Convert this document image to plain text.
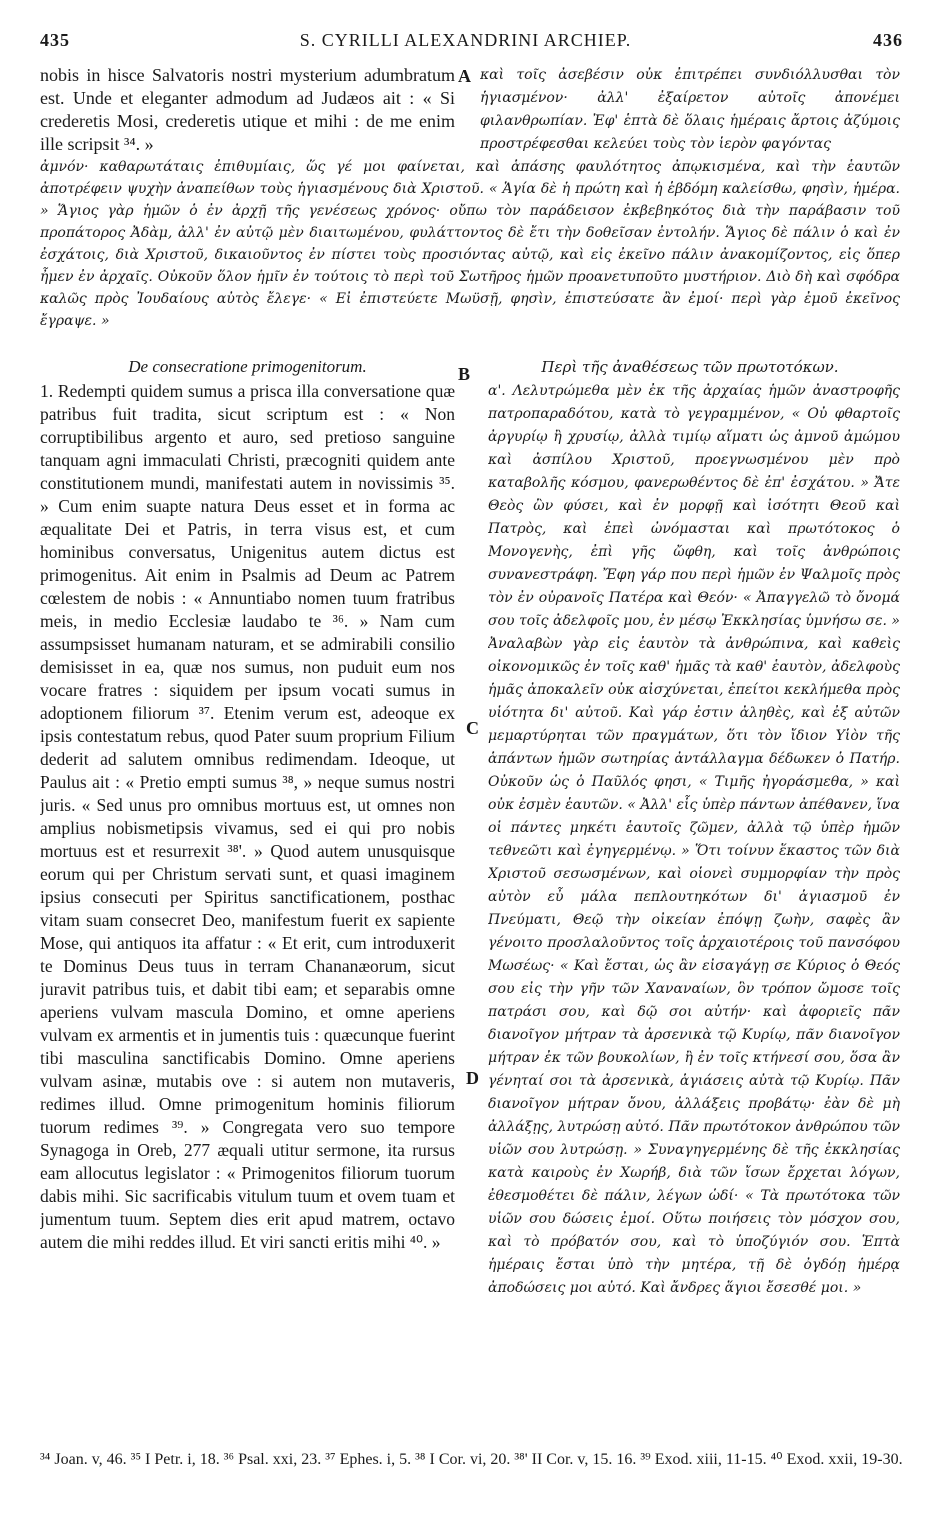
435	S. CYRILLI ALEXANDRINI ARCHIEP.	436

nobis in hisce Salvatoris nostri mysterium adumbratum est. Unde et eleganter admodum ad Judæos ait : « Si crederetis Mosi, crederetis utique et mihi : de me enim ille scripsit ³⁴. »

A καὶ τοῖς ἀσεβέσιν οὐκ ἐπιτρέπει συνδιόλλυσθαι τὸν ἡγιασμένον· ἀλλ' ἐξαίρετον αὐτοῖς ἀπονέμει φιλανθρωπίαν. Ἐφ' ἑπτὰ δὲ ὅλαις ἡμέραις ἄρτοις ἀζύμοις προστρέφεσθαι κελεύει τοὺς τὸν ἱερὸν φαγόντας

ἀμνόν· καθαρωτάταις ἐπιθυμίαις, ὥς γέ μοι φαίνεται, καὶ ἁπάσης φαυλότητος ἀπῳκισμένα, καὶ τὴν ἑαυτῶν ἀποτρέφειν ψυχὴν ἀναπείθων τοὺς ἡγιασμένους διὰ Χριστοῦ. « Ἁγία δὲ ἡ πρώτη καὶ ἡ ἑβδόμη καλείσθω, φησὶν, ἡμέρα. » Ἅγιος γὰρ ἡμῶν ὁ ἐν ἀρχῇ τῆς γενέσεως χρόνος· οὔπω τὸν παράδεισον ἐκβεβηκότος διὰ τὴν παράβασιν τοῦ προπάτορος Ἀδὰμ, ἀλλ' ἐν αὐτῷ μὲν διαιτωμένου, φυλάττοντος δὲ ἔτι τὴν δοθεῖσαν ἐντολήν. Ἅγιος δὲ πάλιν ὁ καὶ ἐν ἐσχάτοις, διὰ Χριστοῦ, δικαιοῦντος ἐν πίστει τοὺς προσιόντας αὐτῷ, καὶ εἰς ἐκεῖνο πάλιν ἀνακομίζοντος, εἰς ὅπερ ἦμεν ἐν ἀρχαῖς. Οὐκοῦν ὅλον ἡμῖν ἐν τούτοις τὸ περὶ τοῦ Σωτῆρος ἡμῶν προανετυποῦτο μυστήριον. Διὸ δὴ καὶ σφόδρα καλῶς πρὸς Ἰουδαίους αὐτὸς ἔλεγε· « Εἰ ἐπιστεύετε Μωϋσῇ, φησὶν, ἐπιστεύσατε ἂν ἐμοί· περὶ γὰρ ἐμοῦ ἐκεῖνος ἔγραψε. »

De consecratione primogenitorum.	B	Περὶ τῆς ἀναθέσεως τῶν πρωτοτόκων.

1. Redempti quidem sumus a prisca illa conversatione quæ patribus fuit tradita, sicut scriptum est : « Non corruptibilibus argento et auro, sed pretioso sanguine tanquam agni immaculati Christi, præcogniti quidem ante constitutionem mundi, manifestati autem in novissimis ³⁵. » Cum enim suapte natura Deus esset et in forma ac æqualitate Dei et Patris, in terra visus est, et cum hominibus conversatus, Unigenitus autem dictus est primogenitus. Ait enim in Psalmis ad Deum ac Patrem cœlestem de nobis : « Annuntiabo nomen tuum fratribus meis, in medio Ecclesiæ laudabo te ³⁶. » Nam cum assumpsisset humanam naturam, et se admirabili consilio demisisset in ea, quæ nos sumus, non puduit eum nos vocare fratres : siquidem per ipsum vocati sumus in adoptionem filiorum ³⁷. Etenim verum est, adeoque ex ipsis contestatum rebus, quod Pater suum proprium Filium dederit ad salutem omnibus redimendam. Ideoque, ut Paulus ait : « Pretio empti sumus ³⁸, » neque sumus nostri juris. « Sed unus pro omnibus mortuus est, ut omnes non amplius nobismetipsis vivamus, sed ei qui pro nobis mortuus est et resurrexit ³⁸'. » Quod autem unusquisque eorum qui per Christum servati sunt, et quasi imaginem ipsius consecuti per Spiritus sanctificationem, posthac vitam suam consecret Deo, manifestum fuerit ex sapiente Mose, qui antiquos ita affatur : « Et erit, cum introduxerit te Dominus Deus tuus in terram Chananæorum, sicut juravit patribus tuis, et dabit tibi eam; et separabis omne aperiens vulvam mascula Domino, et omne aperiens vulvam ex armentis et in jumentis tuis : quæcunque fuerint tibi masculina sanctificabis Domino. Omne aperiens vulvam asinæ, mutabis ove : si autem non mutaveris, redimes illud. Omne primogenitum hominis filiorum tuorum redimes ³⁹. » Congregata vero suo tempore Synagoga in Oreb, 277 æquali utitur sermone, ita rursus eam allocutus legislator : « Primogenitos filiorum tuorum dabis mihi. Sic sacrificabis vitulum tuum et ovem tuam et jumentum tuum. Septem dies erit apud matrem, octavo autem die mihi reddes illud. Et viri sancti eritis mihi ⁴⁰. »

C
D

α'. Λελυτρώμεθα μὲν ἐκ τῆς ἀρχαίας ἡμῶν ἀναστροφῆς πατροπαραδότου, κατὰ τὸ γεγραμμένον, « Οὐ φθαρτοῖς ἀργυρίῳ ἢ χρυσίῳ, ἀλλὰ τιμίῳ αἵματι ὡς ἀμνοῦ ἀμώμου καὶ ἀσπίλου Χριστοῦ, προεγνωσμένου μὲν πρὸ καταβολῆς κόσμου, φανερωθέντος δὲ ἐπ' ἐσχάτου. » Ἄτε Θεὸς ὢν φύσει, καὶ ἐν μορφῇ καὶ ἰσότητι Θεοῦ καὶ Πατρὸς, καὶ ἐπεὶ ὠνόμασται καὶ πρωτότοκος ὁ Μονογενὴς, ἐπὶ γῆς ὤφθη, καὶ τοῖς ἀνθρώποις συνανεστράφη. Ἔφη γάρ που περὶ ἡμῶν ἐν Ψαλμοῖς πρὸς τὸν ἐν οὐρανοῖς Πατέρα καὶ Θεόν· « Ἀπαγγελῶ τὸ ὄνομά σου τοῖς ἀδελφοῖς μου, ἐν μέσῳ Ἐκκλησίας ὑμνήσω σε. » Ἀναλαβὼν γὰρ εἰς ἑαυτὸν τὰ ἀνθρώπινα, καὶ καθεὶς οἰκονομικῶς ἐν τοῖς καθ' ἡμᾶς τὰ καθ' ἑαυτὸν, ἀδελφοὺς ἡμᾶς ἀποκαλεῖν οὐκ αἰσχύνεται, ἐπείτοι κεκλήμεθα πρὸς υἱότητα δι' αὐτοῦ. Καὶ γάρ ἐστιν ἀληθὲς, καὶ ἐξ αὐτῶν μεμαρτύρηται τῶν πραγμάτων, ὅτι τὸν ἴδιον Υἱὸν τῆς ἁπάντων ἡμῶν σωτηρίας ἀντάλλαγμα δέδωκεν ὁ Πατήρ. Οὐκοῦν ὡς ὁ Παῦλός φησι, « Τιμῆς ἠγοράσμεθα, » καὶ οὐκ ἐσμὲν ἑαυτῶν. « Ἀλλ' εἷς ὑπὲρ πάντων ἀπέθανεν, ἵνα οἱ πάντες μηκέτι ἑαυτοῖς ζῶμεν, ἀλλὰ τῷ ὑπὲρ ἡμῶν τεθνεῶτι καὶ ἐγηγερμένῳ. » Ὅτι τοίνυν ἕκαστος τῶν διὰ Χριστοῦ σεσωσμένων, καὶ οἱονεὶ συμμορφίαν τὴν πρὸς αὐτὸν εὖ μάλα πεπλουτηκότων δι' ἁγιασμοῦ ἐν Πνεύματι, Θεῷ τὴν οἰκείαν ἐπόψῃ ζωὴν, σαφὲς ἂν γένοιτο προσλαλοῦντος τοῖς ἀρχαιοτέροις τοῦ πανσόφου Μωσέως· « Καὶ ἔσται, ὡς ἂν εἰσαγάγῃ σε Κύριος ὁ Θεός σου εἰς τὴν γῆν τῶν Χαναναίων, ὃν τρόπον ὤμοσε τοῖς πατράσι σου, καὶ δῷ σοι αὐτήν· καὶ ἀφοριεῖς πᾶν διανοῖγον μήτραν τὰ ἀρσενικὰ τῷ Κυρίῳ, πᾶν διανοῖγον μήτραν ἐκ τῶν βουκολίων, ἢ ἐν τοῖς κτήνεσί σου, ὅσα ἂν γένηταί σοι τὰ ἀρσενικὰ, ἁγιάσεις αὐτὰ τῷ Κυρίῳ. Πᾶν διανοῖγον μήτραν ὄνου, ἀλλάξεις προβάτῳ· ἐὰν δὲ μὴ ἀλλάξῃς, λυτρώσῃ αὐτό. Πᾶν πρωτότοκον ἀνθρώπου τῶν υἱῶν σου λυτρώσῃ. » Συναγηγερμένης δὲ τῆς ἐκκλησίας κατὰ καιροὺς ἐν Χωρήβ, διὰ τῶν ἴσων ἔρχεται λόγων, ἐθεσμοθέτει δὲ πάλιν, λέγων ὡδί· « Τὰ πρωτότοκα τῶν υἱῶν σου δώσεις ἐμοί. Οὕτω ποιήσεις τὸν μόσχον σου, καὶ τὸ πρόβατόν σου, καὶ τὸ ὑποζύγιόν σου. Ἑπτὰ ἡμέραις ἔσται ὑπὸ τὴν μητέρα, τῇ δὲ ὀγδόῃ ἡμέρᾳ ἀποδώσεις μοι αὐτό. Καὶ ἄνδρες ἅγιοι ἔσεσθέ μοι. »

³⁴ Joan. v, 46. ³⁵ I Petr. i, 18. ³⁶ Psal. xxi, 23. ³⁷ Ephes. i, 5. ³⁸ I Cor. vi, 20. ³⁸' II Cor. v, 15. 16. ³⁹ Exod. xiii, 11-15. ⁴⁰ Exod. xxii, 19-30.
